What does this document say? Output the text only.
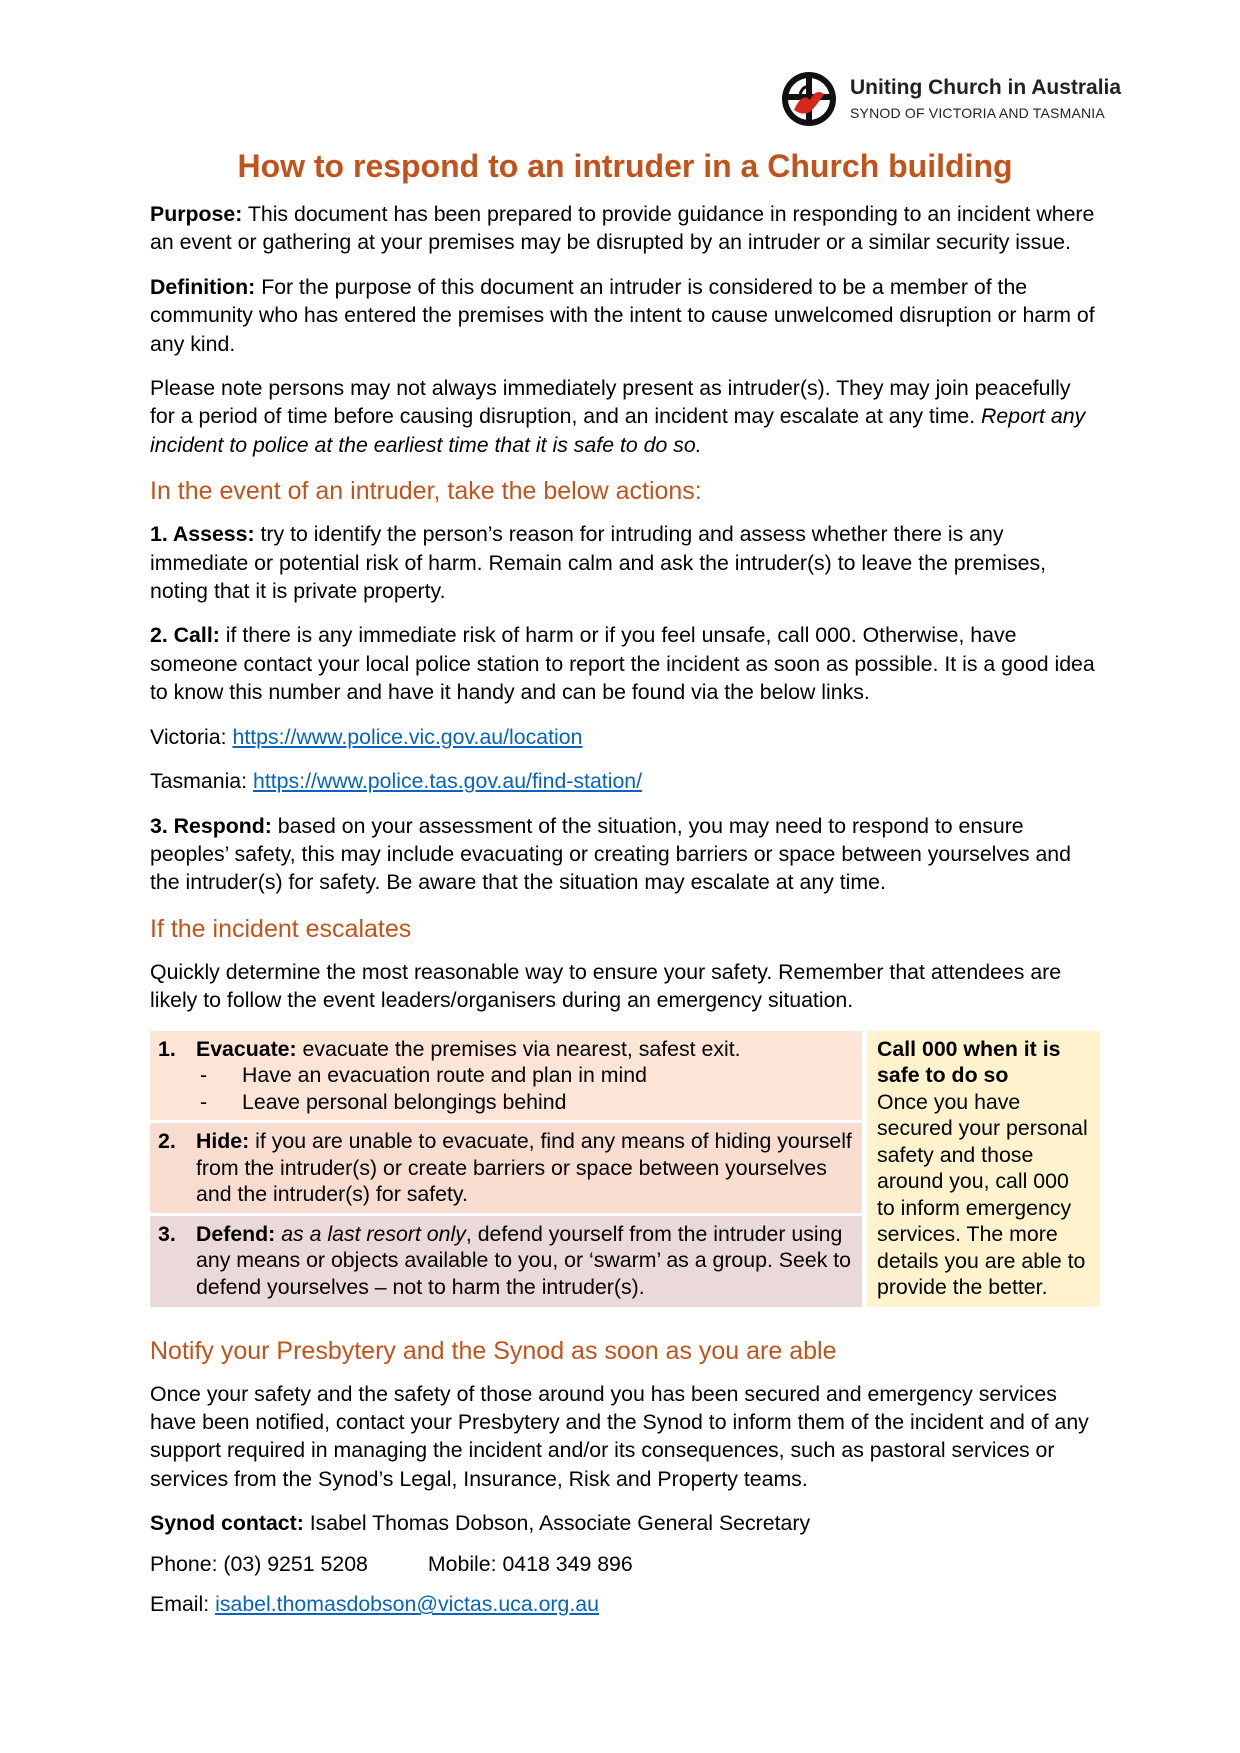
Uniting Church in Australia
SYNOD OF VICTORIA AND TASMANIA
How to respond to an intruder in a Church building

Purpose: This document has been prepared to provide guidance in responding to an incident where an event or gathering at your premises may be disrupted by an intruder or a similar security issue.

Definition: For the purpose of this document an intruder is considered to be a member of the community who has entered the premises with the intent to cause unwelcomed disruption or harm of any kind.

Please note persons may not always immediately present as intruder(s). They may join peacefully for a period of time before causing disruption, and an incident may escalate at any time. Report any incident to police at the earliest time that it is safe to do so.

In the event of an intruder, take the below actions:

1. Assess: try to identify the person’s reason for intruding and assess whether there is any immediate or potential risk of harm. Remain calm and ask the intruder(s) to leave the premises, noting that it is private property.

2. Call: if there is any immediate risk of harm or if you feel unsafe, call 000. Otherwise, have someone contact your local police station to report the incident as soon as possible. It is a good idea to know this number and have it handy and can be found via the below links.

Victoria: https://www.police.vic.gov.au/location

Tasmania: https://www.police.tas.gov.au/find-station/

3. Respond: based on your assessment of the situation, you may need to respond to ensure peoples’ safety, this may include evacuating or creating barriers or space between yourselves and the intruder(s) for safety. Be aware that the situation may escalate at any time.

If the incident escalates

Quickly determine the most reasonable way to ensure your safety. Remember that attendees are likely to follow the event leaders/organisers during an emergency situation.

1. Evacuate: evacuate the premises via nearest, safest exit.
-	Have an evacuation route and plan in mind
-	Leave personal belongings behind
	Call 000 when it is safe to do so
Once you have secured your personal safety and those around you, call 000 to inform emergency services. The more details you are able to provide the better.

2. Hide: if you are unable to evacuate, find any means of hiding yourself from the intruder(s) or create barriers or space between yourselves and the intruder(s) for safety.

3. Defend: as a last resort only, defend yourself from the intruder using any means or objects available to you, or ‘swarm’ as a group. Seek to defend yourselves – not to harm the intruder(s).
Notify your Presbytery and the Synod as soon as you are able

Once your safety and the safety of those around you has been secured and emergency services have been notified, contact your Presbytery and the Synod to inform them of the incident and of any support required in managing the incident and/or its consequences, such as pastoral services or services from the Synod’s Legal, Insurance, Risk and Property teams.

Synod contact: Isabel Thomas Dobson, Associate General Secretary

Phone: (03) 9251 5208	Mobile: 0418 349 896

Email: isabel.thomasdobson@victas.uca.org.au
